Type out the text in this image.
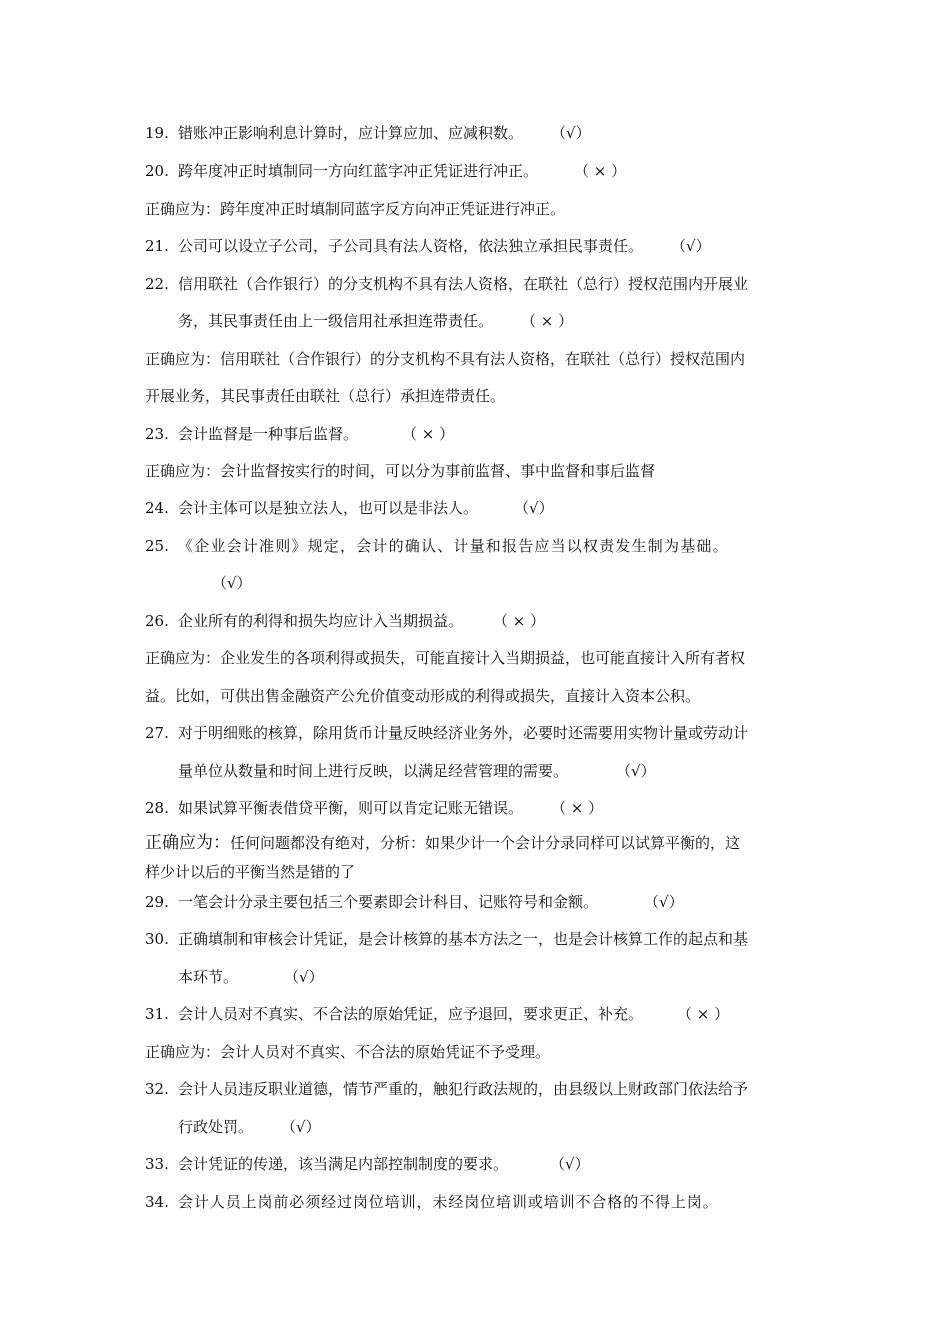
19. 错账冲正影响利息计算时，应计算应加、应减积数。 （√）
20. 跨年度冲正时填制同一方向红蓝字冲正凭证进行冲正。 （ × ）
正确应为：跨年度冲正时填制同蓝字反方向冲正凭证进行冲正。
21. 公司可以设立子公司，子公司具有法人资格，依法独立承担民事责任。 （√）
22. 信用联社（合作银行）的分支机构不具有法人资格，在联社（总行）授权范围内开展业
务，其民事责任由上一级信用社承担连带责任。 （ × ）
正确应为：信用联社（合作银行）的分支机构不具有法人资格，在联社（总行）授权范围内
开展业务，其民事责任由联社（总行）承担连带责任。
23. 会计监督是一种事后监督。	（ × ）
正确应为：会计监督按实行的时间，可以分为事前监督、事中监督和事后监督
24. 会计主体可以是独立法人，也可以是非法人。 （√）
25. 《企业会计准则》规定，会计的确认、计量和报告应当以权责发生制为基础。
（√）
26. 企业所有的利得和损失均应计入当期损益。 （ × ）
正确应为：企业发生的各项利得或损失，可能直接计入当期损益，也可能直接计入所有者权
益。比如，可供出售金融资产公允价值变动形成的利得或损失，直接计入资本公积。
27. 对于明细账的核算，除用货币计量反映经济业务外，必要时还需要用实物计量或劳动计
量单位从数量和时间上进行反映，以满足经营管理的需要。	（√）
28. 如果试算平衡表借贷平衡，则可以肯定记账无错误。 （ × ）
正确应为：任何问题都没有绝对，分析：如果少计一个会计分录同样可以试算平衡的，这
样少计以后的平衡当然是错的了
29. 一笔会计分录主要包括三个要素即会计科目、记账符号和金额。	（√）
30. 正确填制和审核会计凭证，是会计核算的基本方法之一，也是会计核算工作的起点和基
本环节。	（√）
31. 会计人员对不真实、不合法的原始凭证，应予退回，要求更正、补充。 （ × ）
正确应为：会计人员对不真实、不合法的原始凭证不予受理。
32. 会计人员违反职业道德，情节严重的，触犯行政法规的，由县级以上财政部门依法给予
行政处罚。 （√）
33. 会计凭证的传递，该当满足内部控制制度的要求。	（√）
34. 会计人员上岗前必须经过岗位培训，未经岗位培训或培训不合格的不得上岗。
